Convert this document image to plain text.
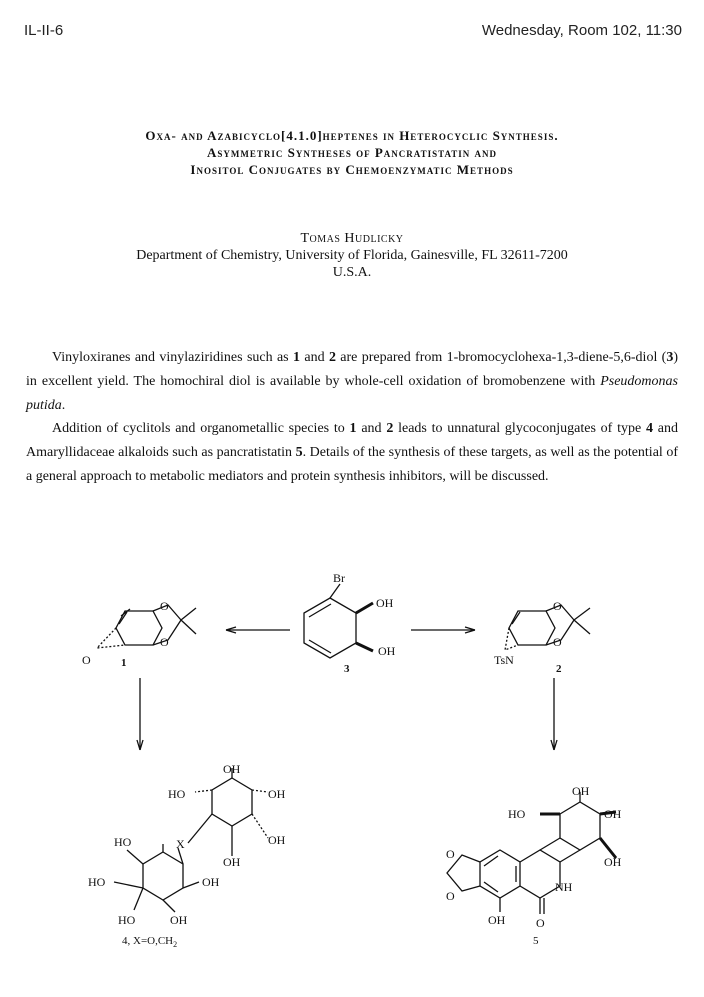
IL-II-6	Wednesday, Room 102, 11:30
Oxa- and Azabicyclo[4.1.0]heptenes in Heterocyclic Synthesis.
Asymmetric Syntheses of Pancratistatin and
Inositol Conjugates by Chemoenzymatic Methods
Tomas Hudlicky
Department of Chemistry, University of Florida, Gainesville, FL 32611-7200
U.S.A.

Vinyloxiranes and vinylaziridines such as 1 and 2 are prepared from 1-bromocyclohexa-1,3-diene-5,6-diol (3) in excellent yield. The homochiral diol is available by whole-cell oxidation of bromobenzene with Pseudomonas putida.

Addition of cyclitols and organometallic species to 1 and 2 leads to unnatural glycoconjugates of type 4 and Amaryllidaceae alkaloids such as pancratistatin 5. Details of the synthesis of these targets, as well as the potential of a general approach to metabolic mediators and protein synthesis inhibitors, will be discussed.

O
O
O	1
Br
OH
OH
3
O
O
TsN
2
OH
HO	OH
OH
OH
X
HO
HO	OH
HO	OH
4, $X=O,CH_2$
O
O
OH
HO	OH
OH
NH
O
OH
5
